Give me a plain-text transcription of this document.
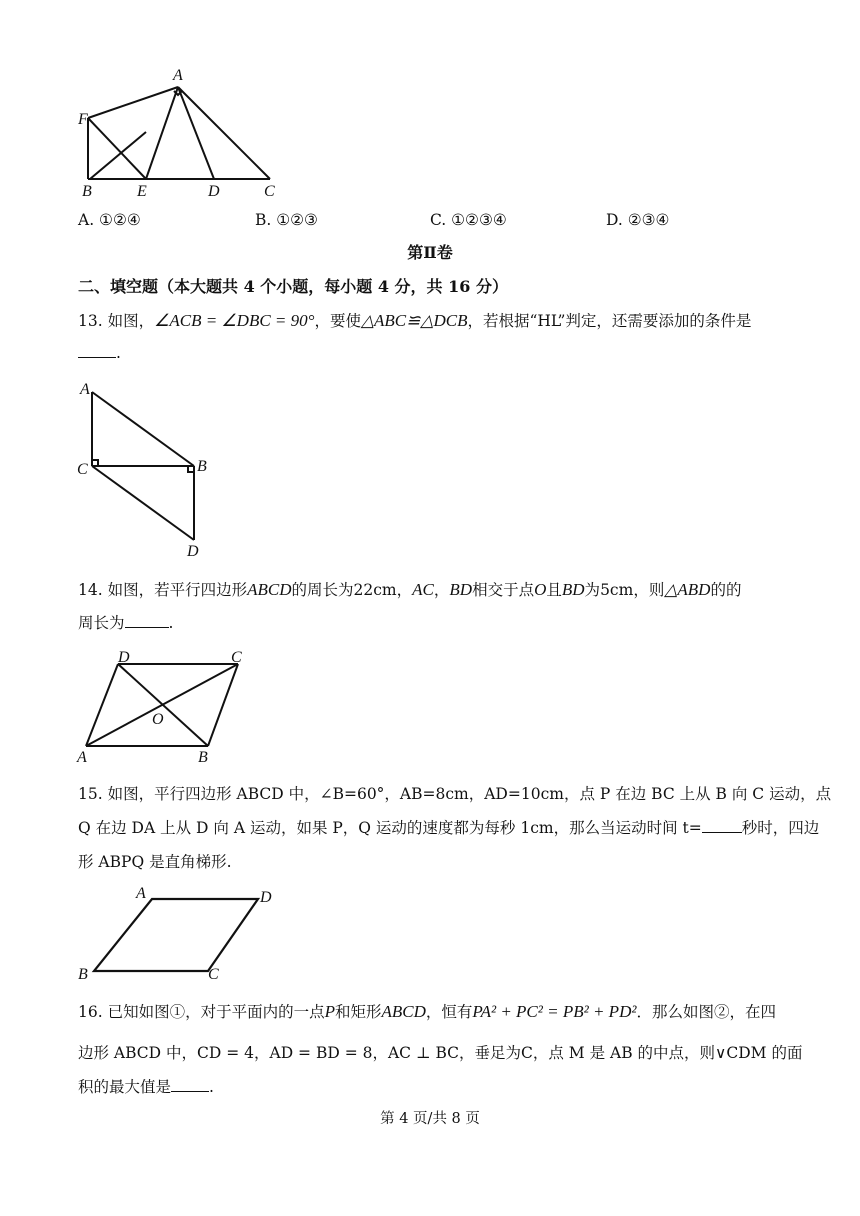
A
F
B	E	D	C
A. ①②④	B. ①②③	C. ①②③④	D. ②③④
第Ⅱ卷
二、填空题（本大题共 4 个小题，每小题 4 分，共 16 分）
13. 如图，∠ACB = ∠DBC = 90°，要使△ABC≌△DCB，若根据“HL”判定，还需要添加的条件是
.
A
C	B
D
14. 如图，若平行四边形ABCD的周长为22cm，AC，BD相交于点O且BD为5cm，则△ABD的的
周长为	.
D	C
O
A	B
15. 如图，平行四边形 ABCD 中，∠B=60°，AB=8cm，AD=10cm，点 P 在边 BC 上从 B 向 C 运动，点
Q 在边 DA 上从 D 向 A 运动，如果 P，Q 运动的速度都为每秒 1cm，那么当运动时间 t=	秒时，四边
形 ABPQ 是直角梯形.
A	D
B	C
16. 已知如图①，对于平面内的一点P和矩形ABCD，恒有PA² + PC² = PB² + PD²．那么如图②，在四
边形 ABCD 中，CD = 4，AD = BD = 8，AC ⊥ BC，垂足为C，点 M 是 AB 的中点，则∨CDM 的面
积的最大值是 .
第 4 页/共 8 页
